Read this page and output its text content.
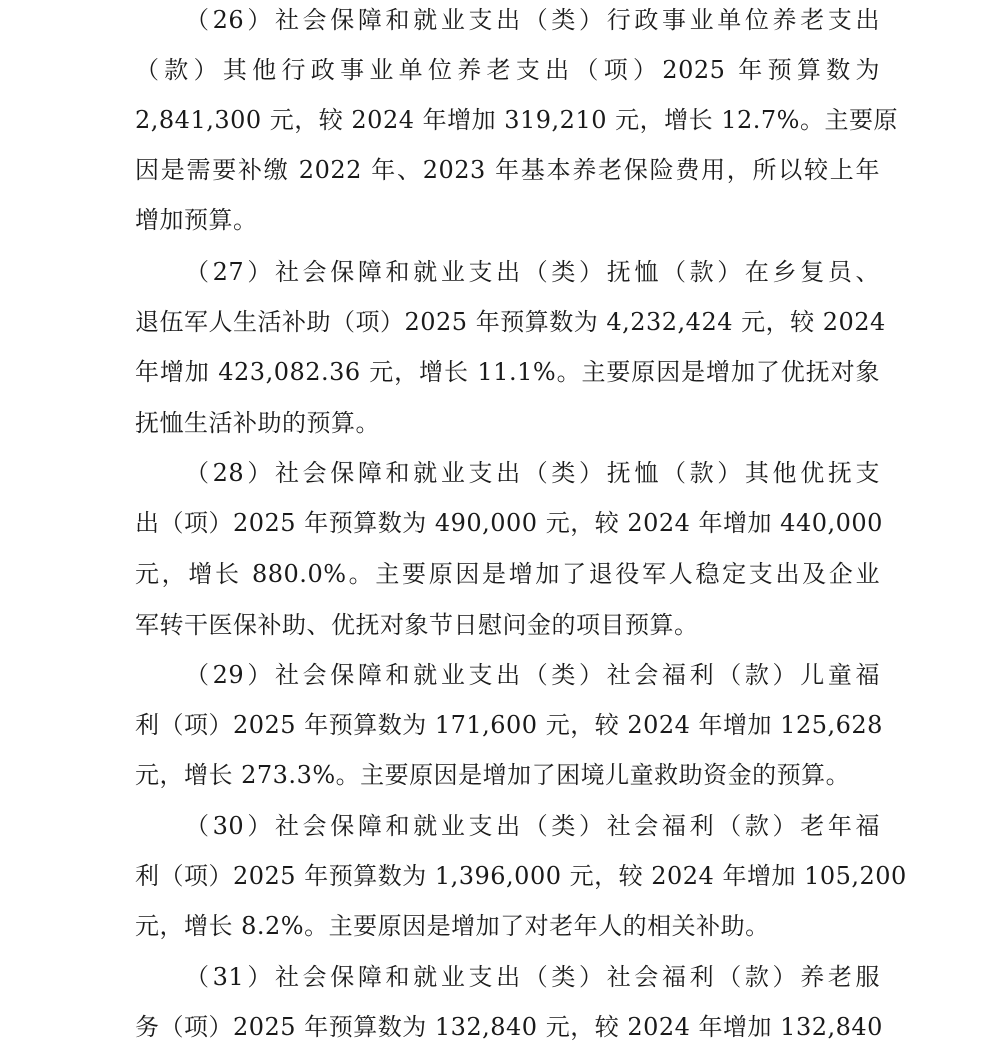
（26）社会保障和就业支出（类）行政事业单位养老支出
（款）其他行政事业单位养老支出（项）2025 年预算数为
2,841,300 元，较 2024 年增加 319,210 元，增长 12.7%。主要原
因是需要补缴 2022 年、2023 年基本养老保险费用，所以较上年
增加预算。
（27）社会保障和就业支出（类）抚恤（款）在乡复员、
退伍军人生活补助（项）2025 年预算数为 4,232,424 元，较 2024
年增加 423,082.36 元，增长 11.1%。主要原因是增加了优抚对象
抚恤生活补助的预算。
（28）社会保障和就业支出（类）抚恤（款）其他优抚支
出（项）2025 年预算数为 490,000 元，较 2024 年增加 440,000
元，增长 880.0%。主要原因是增加了退役军人稳定支出及企业
军转干医保补助、优抚对象节日慰问金的项目预算。
（29）社会保障和就业支出（类）社会福利（款）儿童福
利（项）2025 年预算数为 171,600 元，较 2024 年增加 125,628
元，增长 273.3%。主要原因是增加了困境儿童救助资金的预算。
（30）社会保障和就业支出（类）社会福利（款）老年福
利（项）2025 年预算数为 1,396,000 元，较 2024 年增加 105,200
元，增长 8.2%。主要原因是增加了对老年人的相关补助。
（31）社会保障和就业支出（类）社会福利（款）养老服
务（项）2025 年预算数为 132,840 元，较 2024 年增加 132,840
